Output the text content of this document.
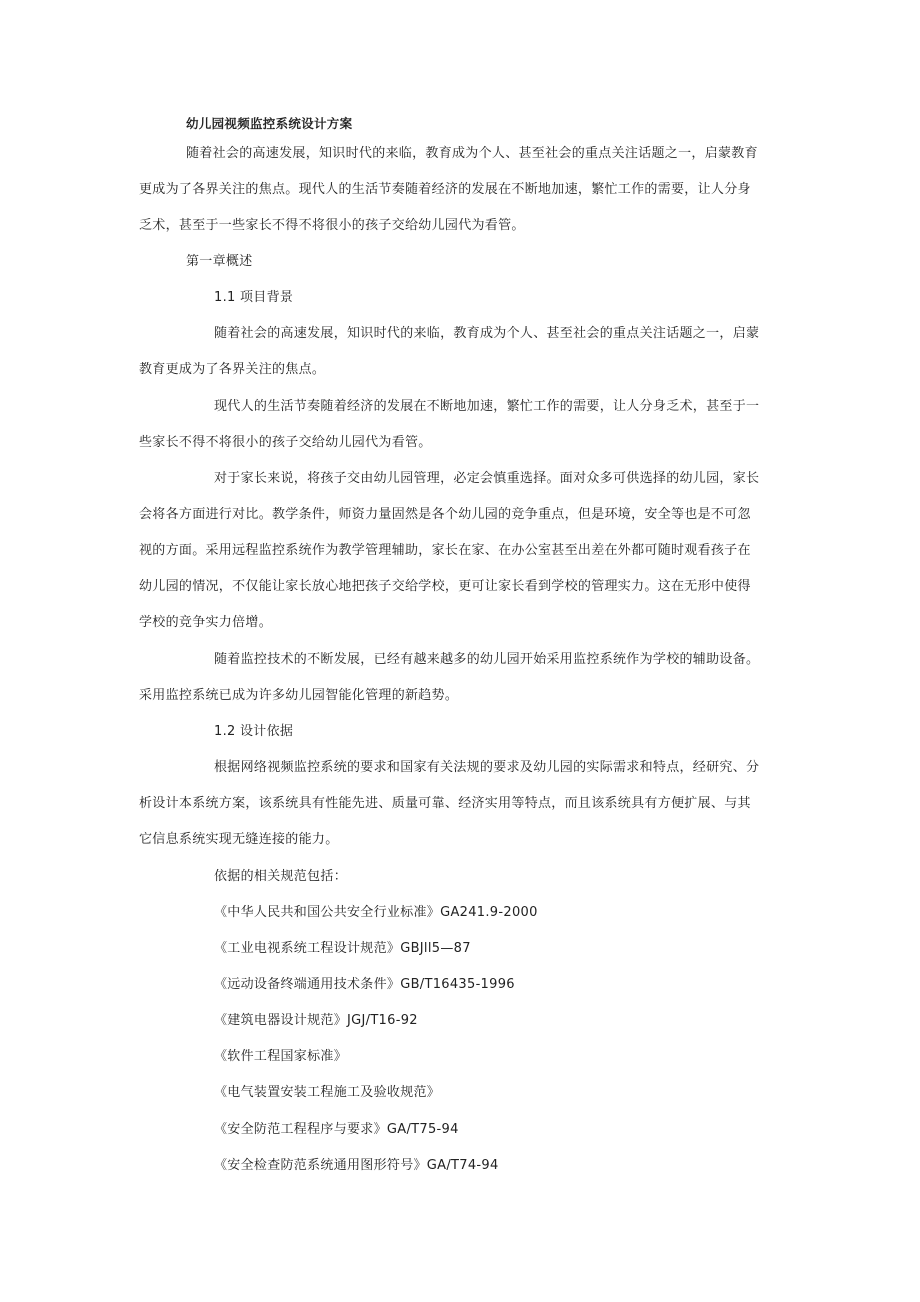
幼儿园视频监控系统设计方案
随着社会的高速发展，知识时代的来临，教育成为个人、甚至社会的重点关注话题之一，启蒙教育
更成为了各界关注的焦点。现代人的生活节奏随着经济的发展在不断地加速，繁忙工作的需要，让人分身
乏术，甚至于一些家长不得不将很小的孩子交给幼儿园代为看管。
第一章概述
1.1 项目背景
随着社会的高速发展，知识时代的来临，教育成为个人、甚至社会的重点关注话题之一，启蒙
教育更成为了各界关注的焦点。
现代人的生活节奏随着经济的发展在不断地加速，繁忙工作的需要，让人分身乏术，甚至于一
些家长不得不将很小的孩子交给幼儿园代为看管。
对于家长来说，将孩子交由幼儿园管理，必定会慎重选择。面对众多可供选择的幼儿园，家长
会将各方面进行对比。教学条件，师资力量固然是各个幼儿园的竞争重点，但是环境，安全等也是不可忽
视的方面。采用远程监控系统作为教学管理辅助，家长在家、在办公室甚至出差在外都可随时观看孩子在
幼儿园的情况，不仅能让家长放心地把孩子交给学校，更可让家长看到学校的管理实力。这在无形中使得
学校的竞争实力倍增。
随着监控技术的不断发展，已经有越来越多的幼儿园开始采用监控系统作为学校的辅助设备。
采用监控系统已成为许多幼儿园智能化管理的新趋势。
1.2 设计依据
根据网络视频监控系统的要求和国家有关法规的要求及幼儿园的实际需求和特点，经研究、分
析设计本系统方案，该系统具有性能先进、质量可靠、经济实用等特点，而且该系统具有方便扩展、与其
它信息系统实现无缝连接的能力。
依据的相关规范包括：
《中华人民共和国公共安全行业标准》GA241.9-2000
《工业电视系统工程设计规范》GBJll5—87
《远动设备终端通用技术条件》GB/T16435-1996
《建筑电器设计规范》JGJ/T16-92
《软件工程国家标准》
《电气装置安装工程施工及验收规范》
《安全防范工程程序与要求》GA/T75-94
《安全检查防范系统通用图形符号》GA/T74-94
